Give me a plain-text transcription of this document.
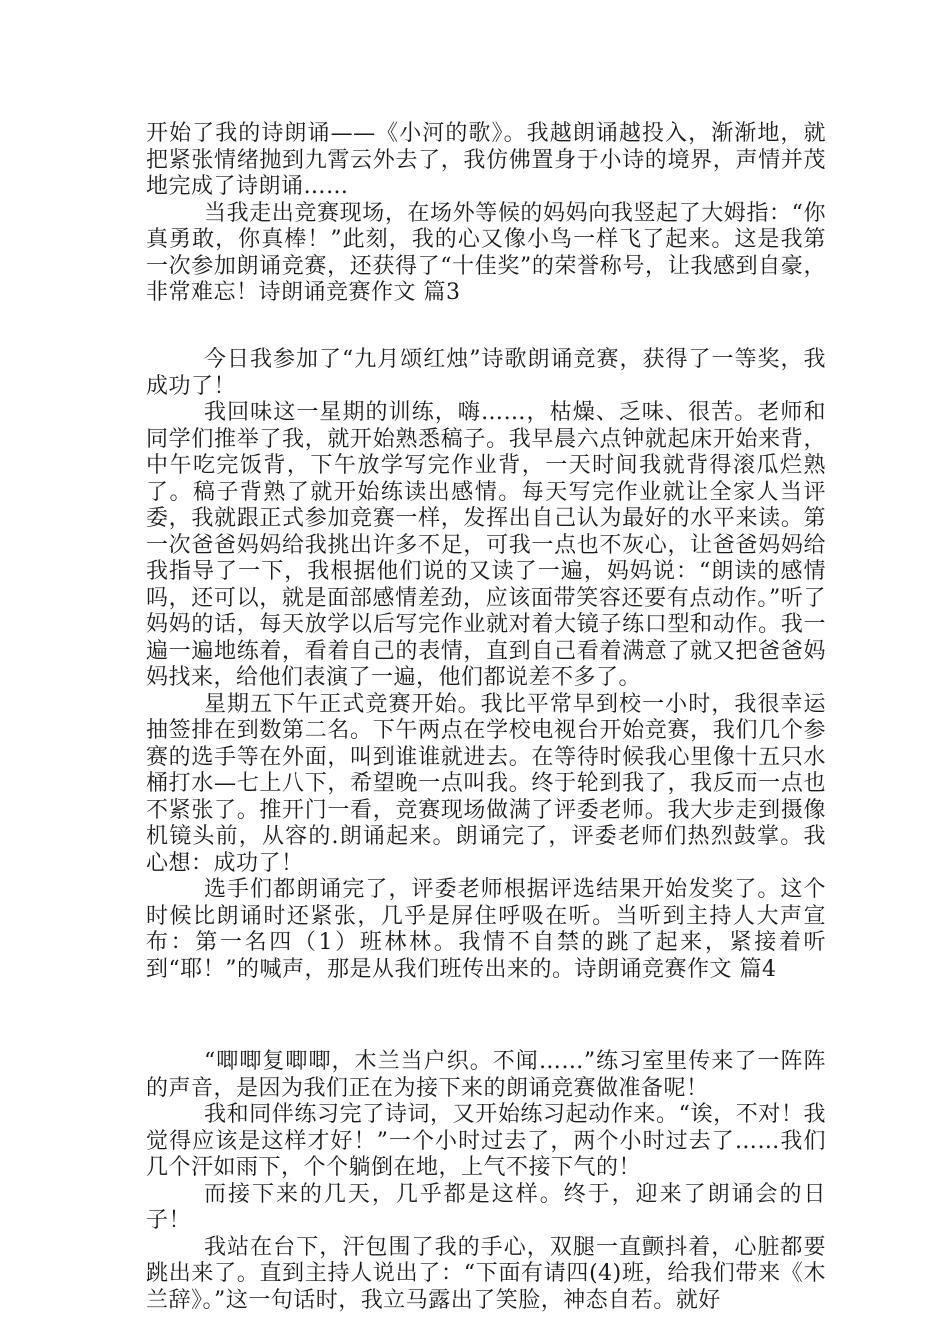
开始了我的诗朗诵——《小河的歌》。我越朗诵越投入，渐渐地，就把紧张情绪抛到九霄云外去了，我仿佛置身于小诗的境界，声情并茂地完成了诗朗诵……

当我走出竞赛现场，在场外等候的妈妈向我竖起了大姆指：“你真勇敢，你真棒！”此刻，我的心又像小鸟一样飞了起来。这是我第一次参加朗诵竞赛，还获得了“十佳奖”的荣誉称号，让我感到自豪，非常难忘！诗朗诵竞赛作文 篇3

今日我参加了“九月颂红烛”诗歌朗诵竞赛，获得了一等奖，我成功了！

我回味这一星期的训练，嗨……，枯燥、乏味、很苦。老师和同学们推举了我，就开始熟悉稿子。我早晨六点钟就起床开始来背，中午吃完饭背，下午放学写完作业背，一天时间我就背得滚瓜烂熟了。稿子背熟了就开始练读出感情。每天写完作业就让全家人当评委，我就跟正式参加竞赛一样，发挥出自己认为最好的水平来读。第一次爸爸妈妈给我挑出许多不足，可我一点也不灰心，让爸爸妈妈给我指导了一下，我根据他们说的又读了一遍，妈妈说：“朗读的感情吗，还可以，就是面部感情差劲，应该面带笑容还要有点动作。”听了妈妈的话，每天放学以后写完作业就对着大镜子练口型和动作。我一遍一遍地练着，看着自己的表情，直到自己看着满意了就又把爸爸妈妈找来，给他们表演了一遍，他们都说差不多了。

星期五下午正式竞赛开始。我比平常早到校一小时，我很幸运抽签排在到数第二名。下午两点在学校电视台开始竞赛，我们几个参赛的选手等在外面，叫到谁谁就进去。在等待时候我心里像十五只水桶打水—七上八下，希望晚一点叫我。终于轮到我了，我反而一点也不紧张了。推开门一看，竞赛现场做满了评委老师。我大步走到摄像机镜头前，从容的.朗诵起来。朗诵完了，评委老师们热烈鼓掌。我心想：成功了！

选手们都朗诵完了，评委老师根据评选结果开始发奖了。这个时候比朗诵时还紧张，几乎是屏住呼吸在听。当听到主持人大声宣布：第一名四（1）班林林。我情不自禁的跳了起来，紧接着听到“耶！”的喊声，那是从我们班传出来的。诗朗诵竞赛作文 篇4

“唧唧复唧唧，木兰当户织。不闻……”练习室里传来了一阵阵的声音，是因为我们正在为接下来的朗诵竞赛做准备呢！

我和同伴练习完了诗词，又开始练习起动作来。“诶，不对！我觉得应该是这样才好！”一个小时过去了，两个小时过去了……我们几个汗如雨下，个个躺倒在地，上气不接下气的！

而接下来的几天，几乎都是这样。终于，迎来了朗诵会的日子！

我站在台下，汗包围了我的手心，双腿一直颤抖着，心脏都要跳出来了。直到主持人说出了：“下面有请四(4)班，给我们带来《木兰辞》。”这一句话时，我立马露出了笑脸，神态自若。就好
